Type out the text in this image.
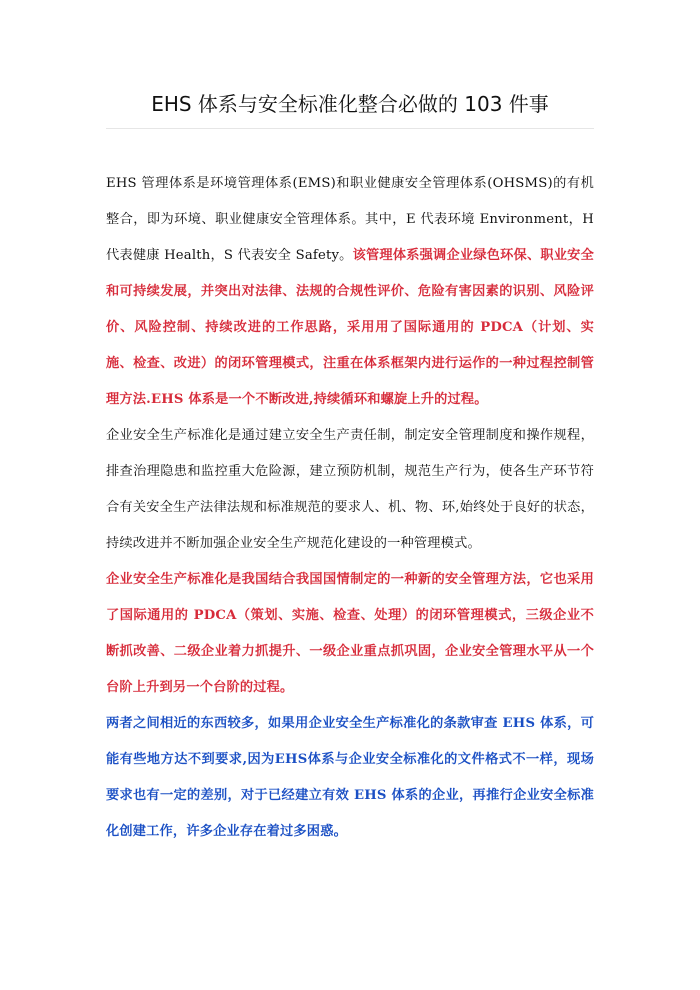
EHS 体系与安全标准化整合必做的 103 件事

EHS 管理体系是环境管理体系(EMS)和职业健康安全管理体系(OHSMS)的有机整合，即为环境、职业健康安全管理体系。其中，E 代表环境 Environment，H 代表健康 Health，S 代表安全 Safety。该管理体系强调企业绿色环保、职业安全和可持续发展，并突出对法律、法规的合规性评价、危险有害因素的识别、风险评价、风险控制、持续改进的工作思路，采用用了国际通用的 PDCA（计划、实施、检查、改进）的闭环管理模式，注重在体系框架内进行运作的一种过程控制管理方法.EHS 体系是一个不断改进,持续循环和螺旋上升的过程。

企业安全生产标准化是通过建立安全生产责任制，制定安全管理制度和操作规程，排查治理隐患和监控重大危险源，建立预防机制，规范生产行为，使各生产环节符合有关安全生产法律法规和标准规范的要求人、机、物、环,始终处于良好的状态，持续改进并不断加强企业安全生产规范化建设的一种管理模式。

企业安全生产标准化是我国结合我国国情制定的一种新的安全管理方法，它也采用了国际通用的 PDCA（策划、实施、检查、处理）的闭环管理模式，三级企业不断抓改善、二级企业着力抓提升、一级企业重点抓巩固，企业安全管理水平从一个台阶上升到另一个台阶的过程。

两者之间相近的东西较多，如果用企业安全生产标准化的条款审查 EHS 体系，可能有些地方达不到要求,因为EHS体系与企业安全标准化的文件格式不一样，现场要求也有一定的差别，对于已经建立有效 EHS 体系的企业，再推行企业安全标准化创建工作，许多企业存在着过多困惑。
